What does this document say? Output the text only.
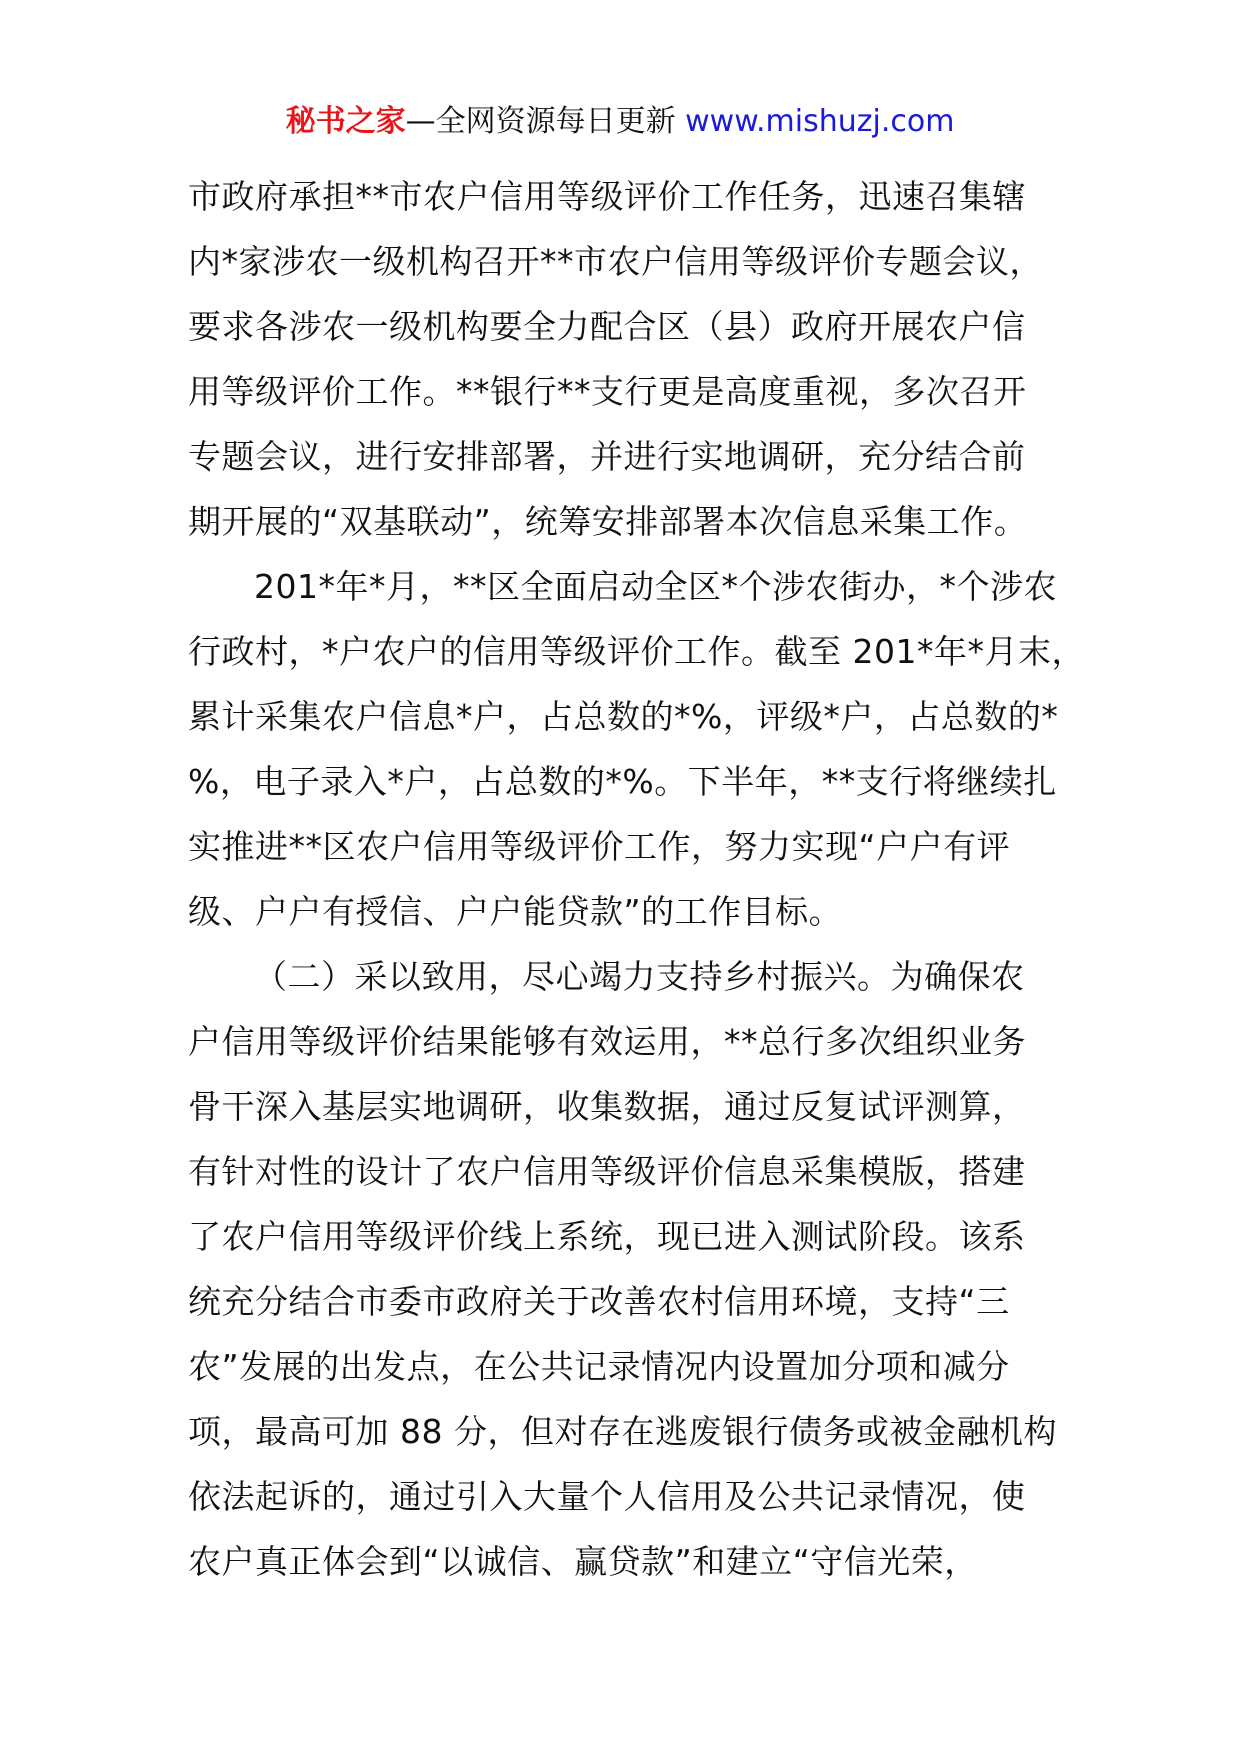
秘书之家—全网资源每日更新 www.mishuzj.com
市政府承担**市农户信用等级评价工作任务，迅速召集辖
内*家涉农一级机构召开**市农户信用等级评价专题会议，
要求各涉农一级机构要全力配合区（县）政府开展农户信
用等级评价工作。**银行**支行更是高度重视，多次召开
专题会议，进行安排部署，并进行实地调研，充分结合前
期开展的“双基联动”，统筹安排部署本次信息采集工作。
201*年*月，**区全面启动全区*个涉农街办，*个涉农
行政村，*户农户的信用等级评价工作。截至 201*年*月末，
累计采集农户信息*户，占总数的*%，评级*户，占总数的*
%，电子录入*户，占总数的*%。下半年，**支行将继续扎
实推进**区农户信用等级评价工作，努力实现“户户有评
级、户户有授信、户户能贷款”的工作目标。
（二）采以致用，尽心竭力支持乡村振兴。为确保农
户信用等级评价结果能够有效运用，**总行多次组织业务
骨干深入基层实地调研，收集数据，通过反复试评测算，
有针对性的设计了农户信用等级评价信息采集模版，搭建
了农户信用等级评价线上系统，现已进入测试阶段。该系
统充分结合市委市政府关于改善农村信用环境，支持“三
农”发展的出发点，在公共记录情况内设置加分项和减分
项，最高可加 88 分，但对存在逃废银行债务或被金融机构
依法起诉的，通过引入大量个人信用及公共记录情况，使
农户真正体会到“以诚信、赢贷款”和建立“守信光荣，
